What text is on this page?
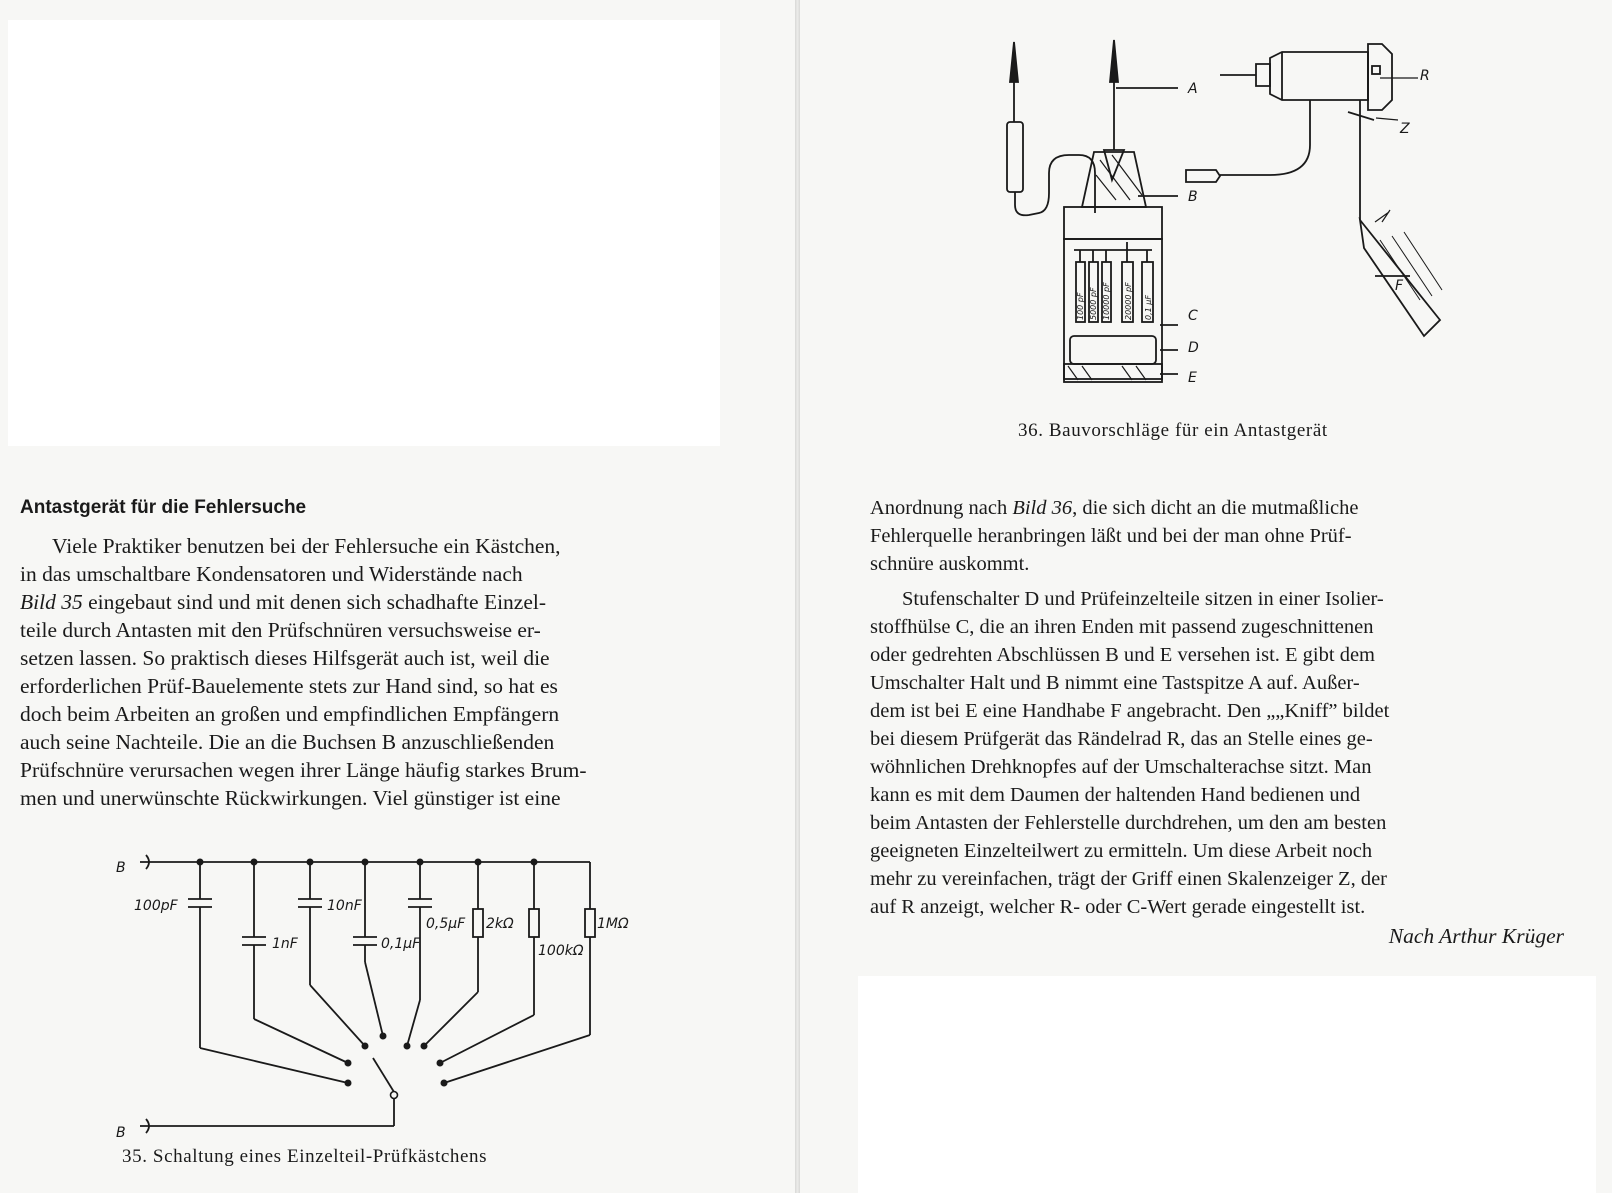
Antastgerät für die Fehlersuche
Viele Praktiker benutzen bei der Fehlersuche ein Kästchen,
in das umschaltbare Kondensatoren und Widerstände nach
Bild 35 eingebaut sind und mit denen sich schadhafte Einzel-
teile durch Antasten mit den Prüfschnüren versuchsweise er-
setzen lassen. So praktisch dieses Hilfsgerät auch ist, weil die
erforderlichen Prüf-Bauelemente stets zur Hand sind, so hat es
doch beim Arbeiten an großen und empfindlichen Empfängern
auch seine Nachteile. Die an die Buchsen B anzuschließenden
Prüfschnüre verursachen wegen ihrer Länge häufig starkes Brum-
men und unerwünschte Rückwirkungen. Viel günstiger ist eine
B
B
100pF
1nF
10nF
0,1µF
0,5µF 2kΩ
100kΩ
1MΩ

35. Schaltung eines Einzelteil-Prüfkästchens

100 pF 5000 pF 10000 pF 20000 pF 0,1 µF
A
B
C
D
E
F
R
Z

36. Bauvorschläge für ein Antastgerät

Anordnung nach Bild 36, die sich dicht an die mutmaßliche
Fehlerquelle heranbringen läßt und bei der man ohne Prüf-
schnüre auskommt.
Stufenschalter D und Prüfeinzelteile sitzen in einer Isolier-
stoffhülse C, die an ihren Enden mit passend zugeschnittenen
oder gedrehten Abschlüssen B und E versehen ist. E gibt dem
Umschalter Halt und B nimmt eine Tastspitze A auf. Außer-
dem ist bei E eine Handhabe F angebracht. Den „„Kniff” bildet
bei diesem Prüfgerät das Rändelrad R, das an Stelle eines ge-
wöhnlichen Drehknopfes auf der Umschalterachse sitzt. Man
kann es mit dem Daumen der haltenden Hand bedienen und
beim Antasten der Fehlerstelle durchdrehen, um den am besten
geeigneten Einzelteilwert zu ermitteln. Um diese Arbeit noch
mehr zu vereinfachen, trägt der Griff einen Skalenzeiger Z, der
auf R anzeigt, welcher R- oder C-Wert gerade eingestellt ist.

Nach Arthur Krüger
